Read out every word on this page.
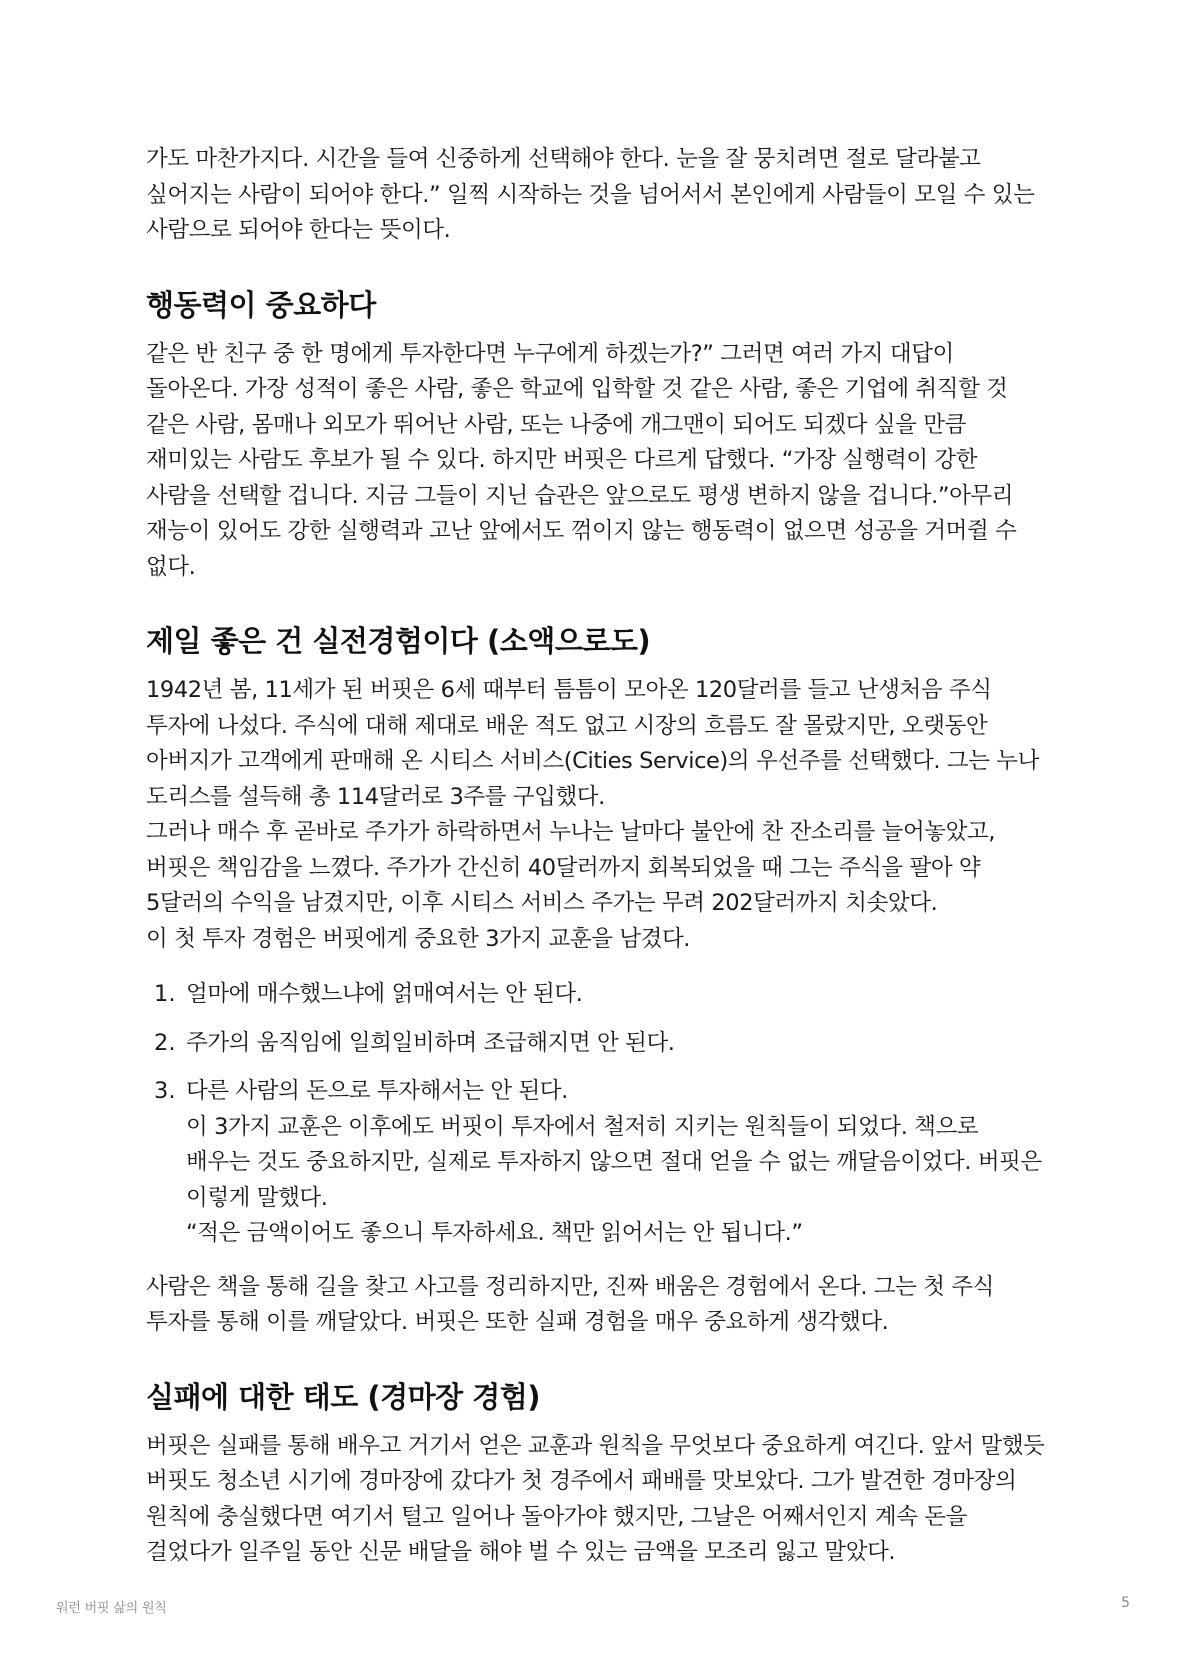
가도 마찬가지다. 시간을 들여 신중하게 선택해야 한다. 눈을 잘 뭉치려면 절로 달라붙고 싶어지는 사람이 되어야 한다.” 일찍 시작하는 것을 넘어서서 본인에게 사람들이 모일 수 있는 사람으로 되어야 한다는 뜻이다.

행동력이 중요하다

같은 반 친구 중 한 명에게 투자한다면 누구에게 하겠는가?” 그러면 여러 가지 대답이 돌아온다. 가장 성적이 좋은 사람, 좋은 학교에 입학할 것 같은 사람, 좋은 기업에 취직할 것 같은 사람, 몸매나 외모가 뛰어난 사람, 또는 나중에 개그맨이 되어도 되겠다 싶을 만큼 재미있는 사람도 후보가 될 수 있다. 하지만 버핏은 다르게 답했다. “가장 실행력이 강한 사람을 선택할 겁니다. 지금 그들이 지닌 습관은 앞으로도 평생 변하지 않을 겁니다.”아무리 재능이 있어도 강한 실행력과 고난 앞에서도 꺾이지 않는 행동력이 없으면 성공을 거머쥘 수 없다.

제일 좋은 건 실전경험이다 (소액으로도)

1942년 봄, 11세가 된 버핏은 6세 때부터 틈틈이 모아온 120달러를 들고 난생처음 주식 투자에 나섰다. 주식에 대해 제대로 배운 적도 없고 시장의 흐름도 잘 몰랐지만, 오랫동안 아버지가 고객에게 판매해 온 시티스 서비스(Cities Service)의 우선주를 선택했다. 그는 누나 도리스를 설득해 총 114달러로 3주를 구입했다.

그러나 매수 후 곧바로 주가가 하락하면서 누나는 날마다 불안에 찬 잔소리를 늘어놓았고, 버핏은 책임감을 느꼈다. 주가가 간신히 40달러까지 회복되었을 때 그는 주식을 팔아 약 5달러의 수익을 남겼지만, 이후 시티스 서비스 주가는 무려 202달러까지 치솟았다.

이 첫 투자 경험은 버핏에게 중요한 3가지 교훈을 남겼다.

1. 얼마에 매수했느냐에 얽매여서는 안 된다.

2. 주가의 움직임에 일희일비하며 조급해지면 안 된다.

3. 다른 사람의 돈으로 투자해서는 안 된다.

이 3가지 교훈은 이후에도 버핏이 투자에서 철저히 지키는 원칙들이 되었다. 책으로 배우는 것도 중요하지만, 실제로 투자하지 않으면 절대 얻을 수 없는 깨달음이었다. 버핏은 이렇게 말했다.

“적은 금액이어도 좋으니 투자하세요. 책만 읽어서는 안 됩니다.”

사람은 책을 통해 길을 찾고 사고를 정리하지만, 진짜 배움은 경험에서 온다. 그는 첫 주식 투자를 통해 이를 깨달았다. 버핏은 또한 실패 경험을 매우 중요하게 생각했다.

실패에 대한 태도 (경마장 경험)

버핏은 실패를 통해 배우고 거기서 얻은 교훈과 원칙을 무엇보다 중요하게 여긴다. 앞서 말했듯 버핏도 청소년 시기에 경마장에 갔다가 첫 경주에서 패배를 맛보았다. 그가 발견한 경마장의 원칙에 충실했다면 여기서 털고 일어나 돌아가야 했지만, 그날은 어째서인지 계속 돈을 걸었다가 일주일 동안 신문 배달을 해야 벌 수 있는 금액을 모조리 잃고 말았다.

워런 버핏 삶의 원칙	5
